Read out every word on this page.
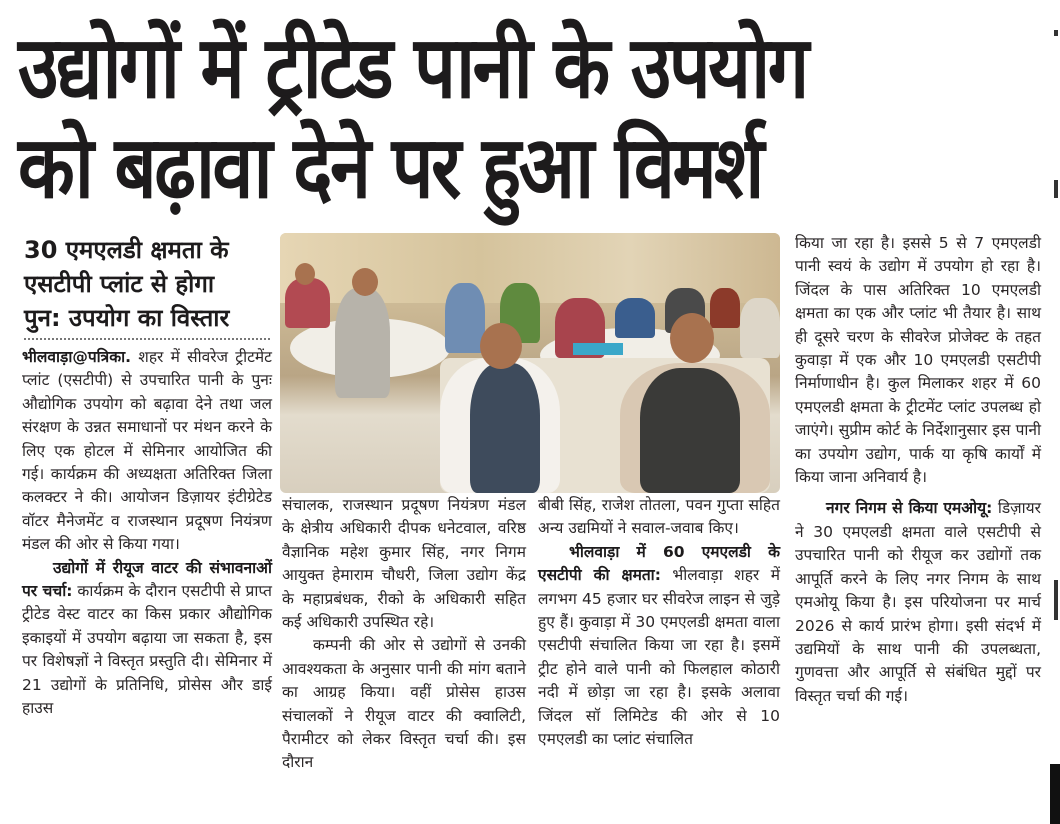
उद्योगों में ट्रीटेड पानी के उपयोग
को बढ़ावा देने पर हुआ विमर्श
30 एमएलडी क्षमता के
एसटीपी प्लांट से होगा
पुन: उपयोग का विस्तार

भीलवाड़ा@पत्रिका. शहर में सीवरेज ट्रीटमेंट प्लांट (एसटीपी) से उपचारित पानी के पुनः औद्योगिक उपयोग को बढ़ावा देने तथा जल संरक्षण के उन्नत समाधानों पर मंथन करने के लिए एक होटल में सेमिनार आयोजित की गई। कार्यक्रम की अध्यक्षता अतिरिक्त जिला कलक्टर ने की। आयोजन डिज़ायर इंटीग्रेटेड वॉटर मैनेजमेंट व राजस्थान प्रदूषण नियंत्रण मंडल की ओर से किया गया।

उद्योगों में रीयूज वाटर की संभावनाओं पर चर्चा: कार्यक्रम के दौरान एसटीपी से प्राप्त ट्रीटेड वेस्ट वाटर का किस प्रकार औद्योगिक इकाइयों में उपयोग बढ़ाया जा सकता है, इस पर विशेषज्ञों ने विस्तृत प्रस्तुति दी। सेमिनार में 21 उद्योगों के प्रतिनिधि, प्रोसेस और डाई हाउस

संचालक, राजस्थान प्रदूषण नियंत्रण मंडल के क्षेत्रीय अधिकारी दीपक धनेटवाल, वरिष्ठ वैज्ञानिक महेश कुमार सिंह, नगर निगम आयुक्त हेमाराम चौधरी, जिला उद्योग केंद्र के महाप्रबंधक, रीको के अधिकारी सहित कई अधिकारी उपस्थित रहे।

कम्पनी की ओर से उद्योगों से उनकी आवश्यकता के अनुसार पानी की मांग बताने का आग्रह किया। वहीं प्रोसेस हाउस संचालकों ने रीयूज वाटर की क्वालिटी, पैरामीटर को लेकर विस्तृत चर्चा की। इस दौरान

बीबी सिंह, राजेश तोतला, पवन गुप्ता सहित अन्य उद्यमियों ने सवाल-जवाब किए।

भीलवाड़ा में 60 एमएलडी के एसटीपी की क्षमता: भीलवाड़ा शहर में लगभग 45 हजार घर सीवरेज लाइन से जुड़े हुए हैं। कुवाड़ा में 30 एमएलडी क्षमता वाला एसटीपी संचालित किया जा रहा है। इसमें ट्रीट होने वाले पानी को फिलहाल कोठारी नदी में छोड़ा जा रहा है। इसके अलावा जिंदल सॉ लिमिटेड की ओर से 10 एमएलडी का प्लांट संचालित

किया जा रहा है। इससे 5 से 7 एमएलडी पानी स्वयं के उद्योग में उपयोग हो रहा है। जिंदल के पास अतिरिक्त 10 एमएलडी क्षमता का एक और प्लांट भी तैयार है। साथ ही दूसरे चरण के सीवरेज प्रोजेक्ट के तहत कुवाड़ा में एक और 10 एमएलडी एसटीपी निर्माणाधीन है। कुल मिलाकर शहर में 60 एमएलडी क्षमता के ट्रीटमेंट प्लांट उपलब्ध हो जाएंगे। सुप्रीम कोर्ट के निर्देशानुसार इस पानी का उपयोग उद्योग, पार्क या कृषि कार्यों में किया जाना अनिवार्य है।

नगर निगम से किया एमओयू: डिज़ायर ने 30 एमएलडी क्षमता वाले एसटीपी से उपचारित पानी को रीयूज कर उद्योगों तक आपूर्ति करने के लिए नगर निगम के साथ एमओयू किया है। इस परियोजना पर मार्च 2026 से कार्य प्रारंभ होगा। इसी संदर्भ में उद्यमियों के साथ पानी की उपलब्धता, गुणवत्ता और आपूर्ति से संबंधित मुद्दों पर विस्तृत चर्चा की गई।
